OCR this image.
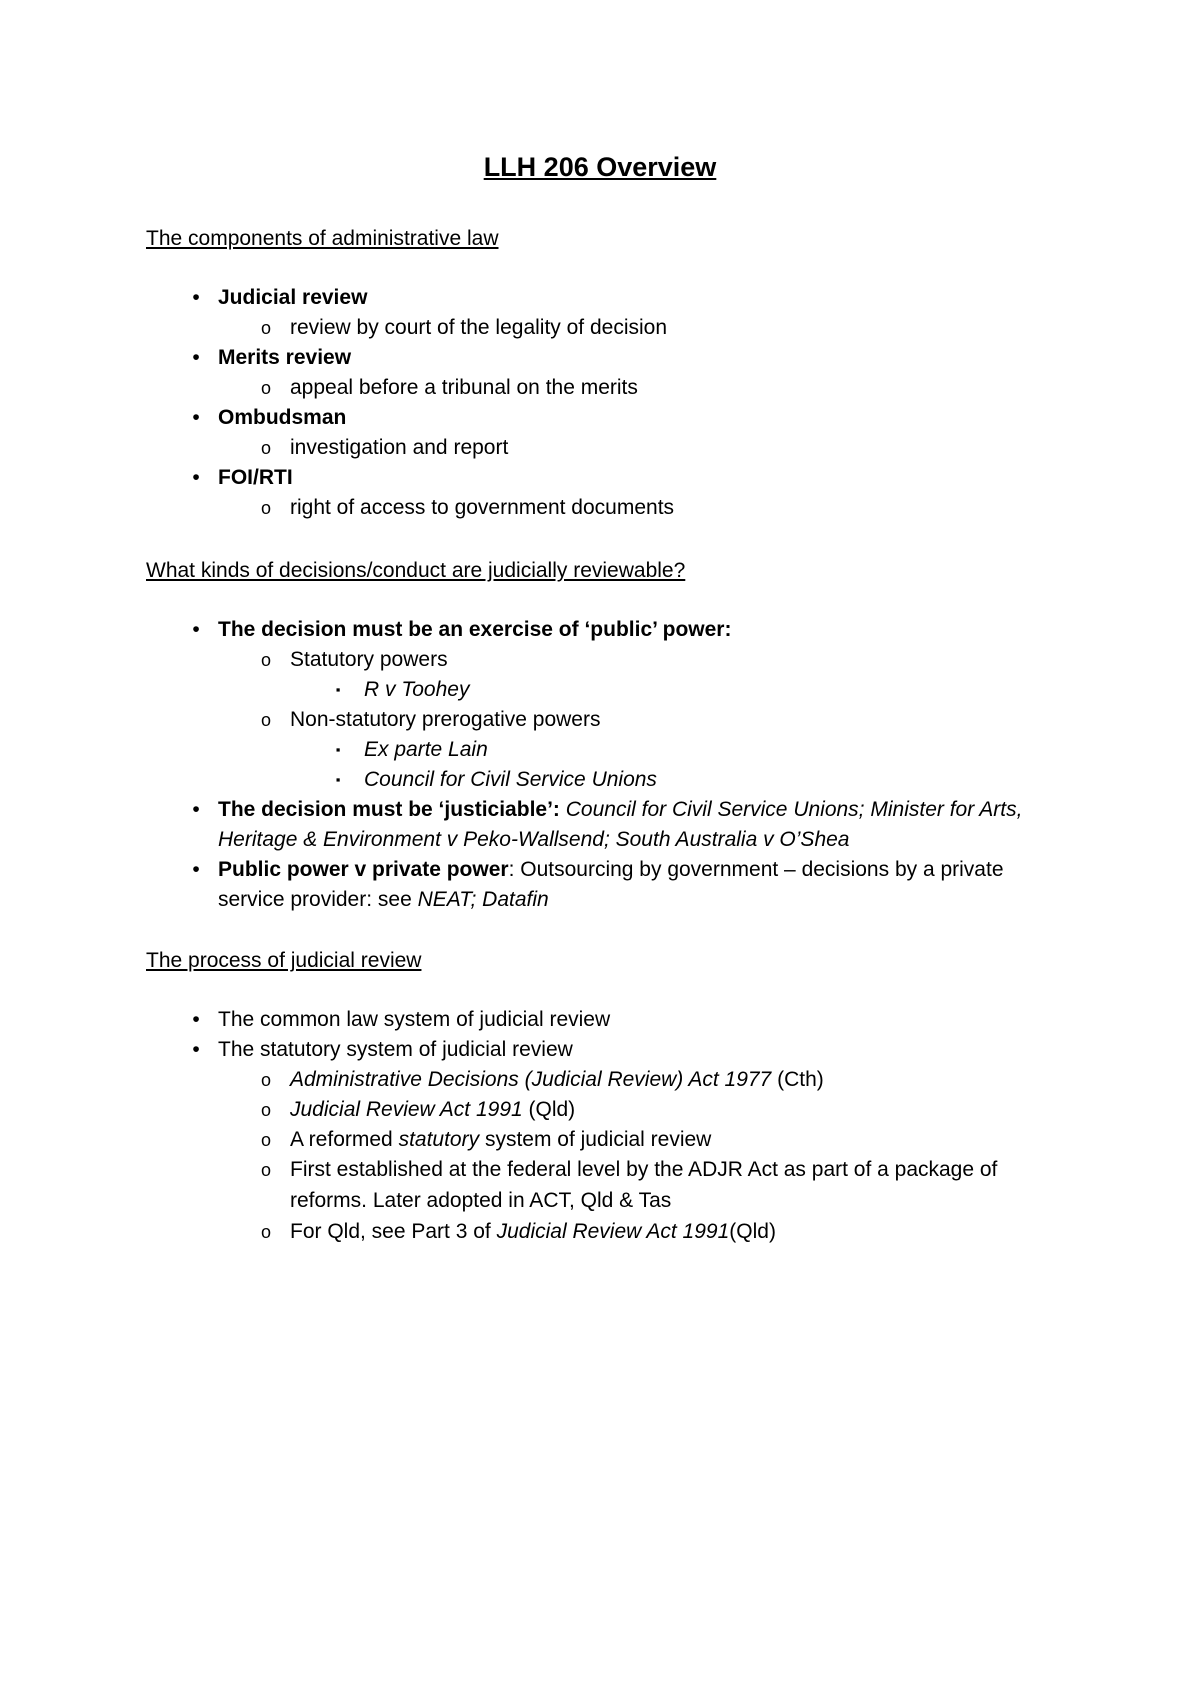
LLH 206 Overview
The components of administrative law
• Judicial review
o review by court of the legality of decision
• Merits review
o appeal before a tribunal on the merits
• Ombudsman
o investigation and report
• FOI/RTI
o right of access to government documents
What kinds of decisions/conduct are judicially reviewable?
• The decision must be an exercise of ‘public’ power:
o Statutory powers
▪	R v Toohey
o Non-statutory prerogative powers
▪	Ex parte Lain
▪	Council for Civil Service Unions
• The decision must be ‘justiciable’: Council for Civil Service Unions; Minister for Arts,
Heritage & Environment v Peko-Wallsend; South Australia v O’Shea
• Public power v private power: Outsourcing by government – decisions by a private
service provider: see NEAT; Datafin
The process of judicial review
• The common law system of judicial review
• The statutory system of judicial review
o Administrative Decisions (Judicial Review) Act 1977 (Cth)
o Judicial Review Act 1991 (Qld)
o A reformed statutory system of judicial review
o First established at the federal level by the ADJR Act as part of a package of
reforms. Later adopted in ACT, Qld & Tas
o For Qld, see Part 3 of Judicial Review Act 1991(Qld)
